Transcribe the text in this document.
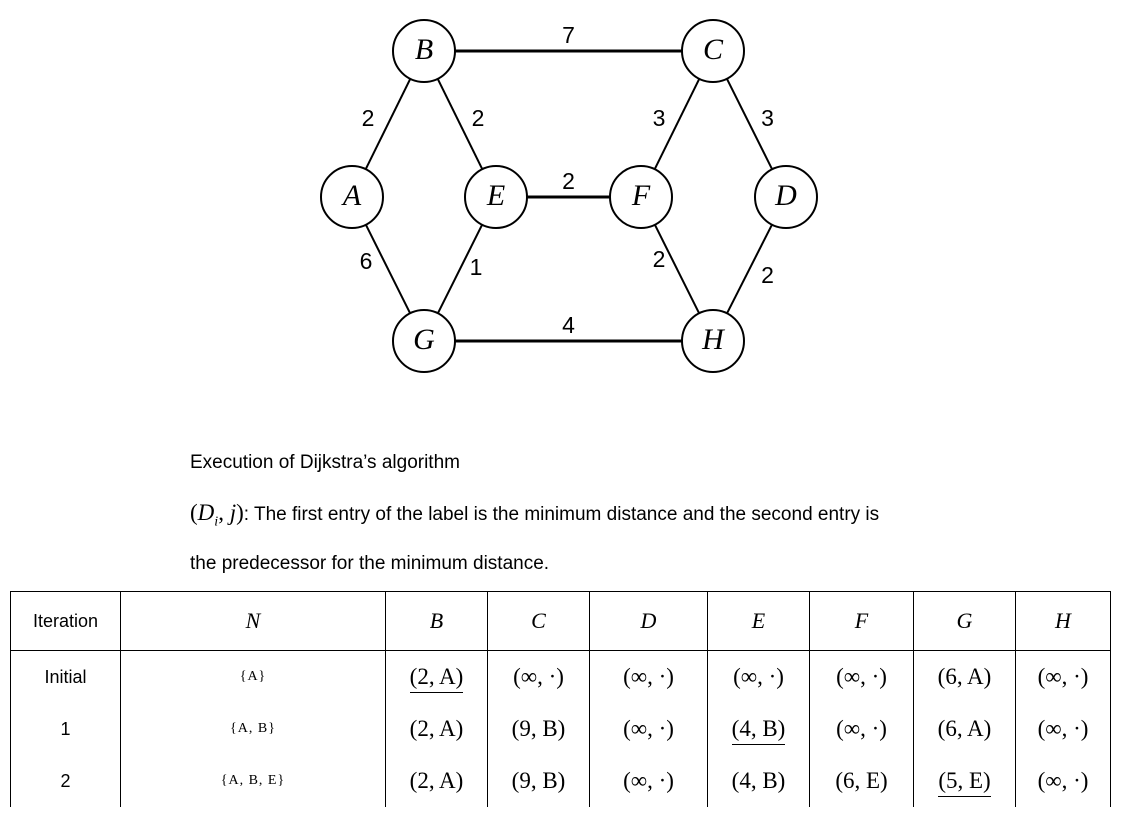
A
B	C
D
E	F
G	H
7
2	2	3	3
2
6	1	2
2
4
Execution of Dijkstra’s algorithm
($D_i$, j): The first entry of the label is the minimum distance and the second entry is
the predecessor for the minimum distance.
Iteration	N	B	C	D	E	F	G	H
Initial	{A}	(2, A)	(∞, ·)	(∞, ·)	(∞, ·)	(∞, ·)	(6, A)	(∞, ·)
1	{A, B}	(2, A)	(9, B)	(∞, ·)	(4, B)	(∞, ·)	(6, A)	(∞, ·)
2	{A, B, E}	(2, A)	(9, B)	(∞, ·)	(4, B)	(6, E)	(5, E)	(∞, ·)
